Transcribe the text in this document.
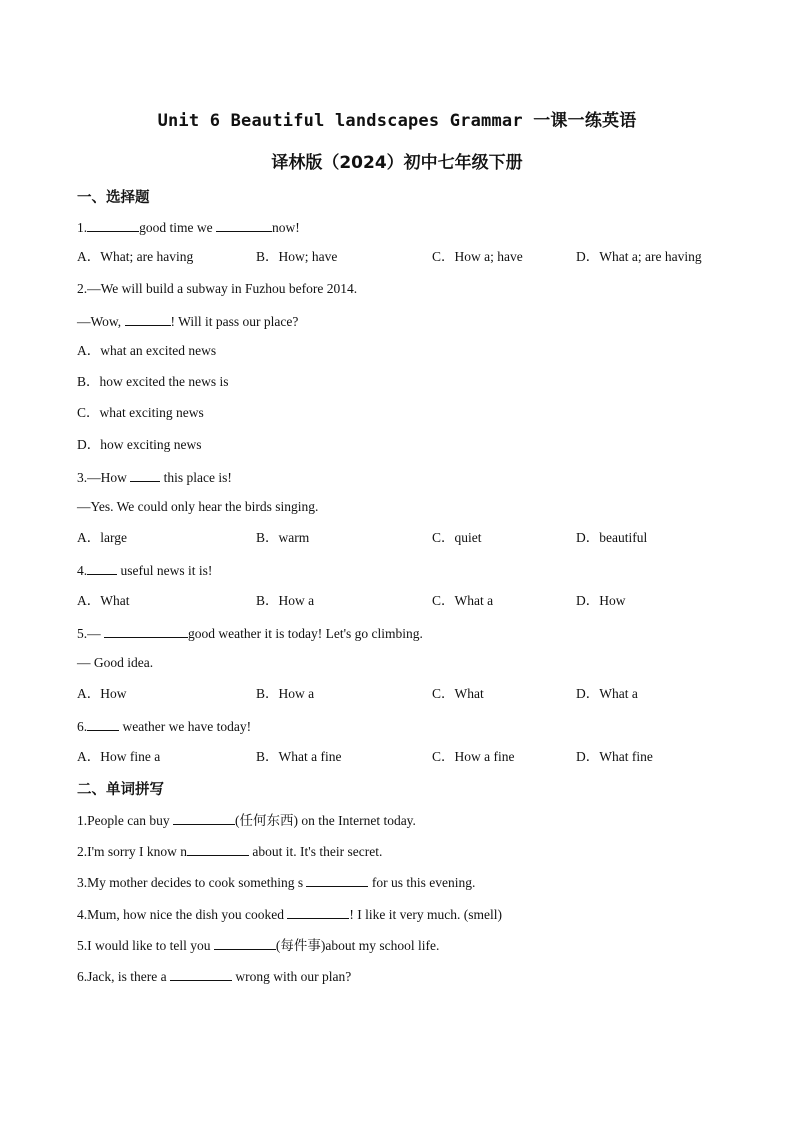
Unit 6 Beautiful landscapes Grammar 一课一练英语
译林版（2024）初中七年级下册
一、选择题
1.	good time we	now!
A．What; are having	B．How; have	C．How a; have	D．What a; are having
2.—We will build a subway in Fuzhou before 2014.
—Wow,	! Will it pass our place?
A．what an excited news
B．how excited the news is
C．what exciting news
D．how exciting news
3.—How  this place is!
—Yes. We could only hear the birds singing.
A．large	B．warm	C．quiet	D．beautiful
4. useful news it is!
A．What	B．How a	C．What a	D．How
5.—	good weather it is today! Let's go climbing.
— Good idea.
A．How	B．How a	C．What	D．What a
6. weather we have today!
A．How fine a	B．What a fine	C．How a fine	D．What fine
二、单词拼写
1.People can buy	(任何东西) on the Internet today.
2.I'm sorry I know n	about it. It's their secret.
3.My mother decides to cook something s	for us this evening.
4.Mum, how nice the dish you cooked	! I like it very much. (smell)
5.I would like to tell you	(每件事)about my school life.
6.Jack, is there a	wrong with our plan?
